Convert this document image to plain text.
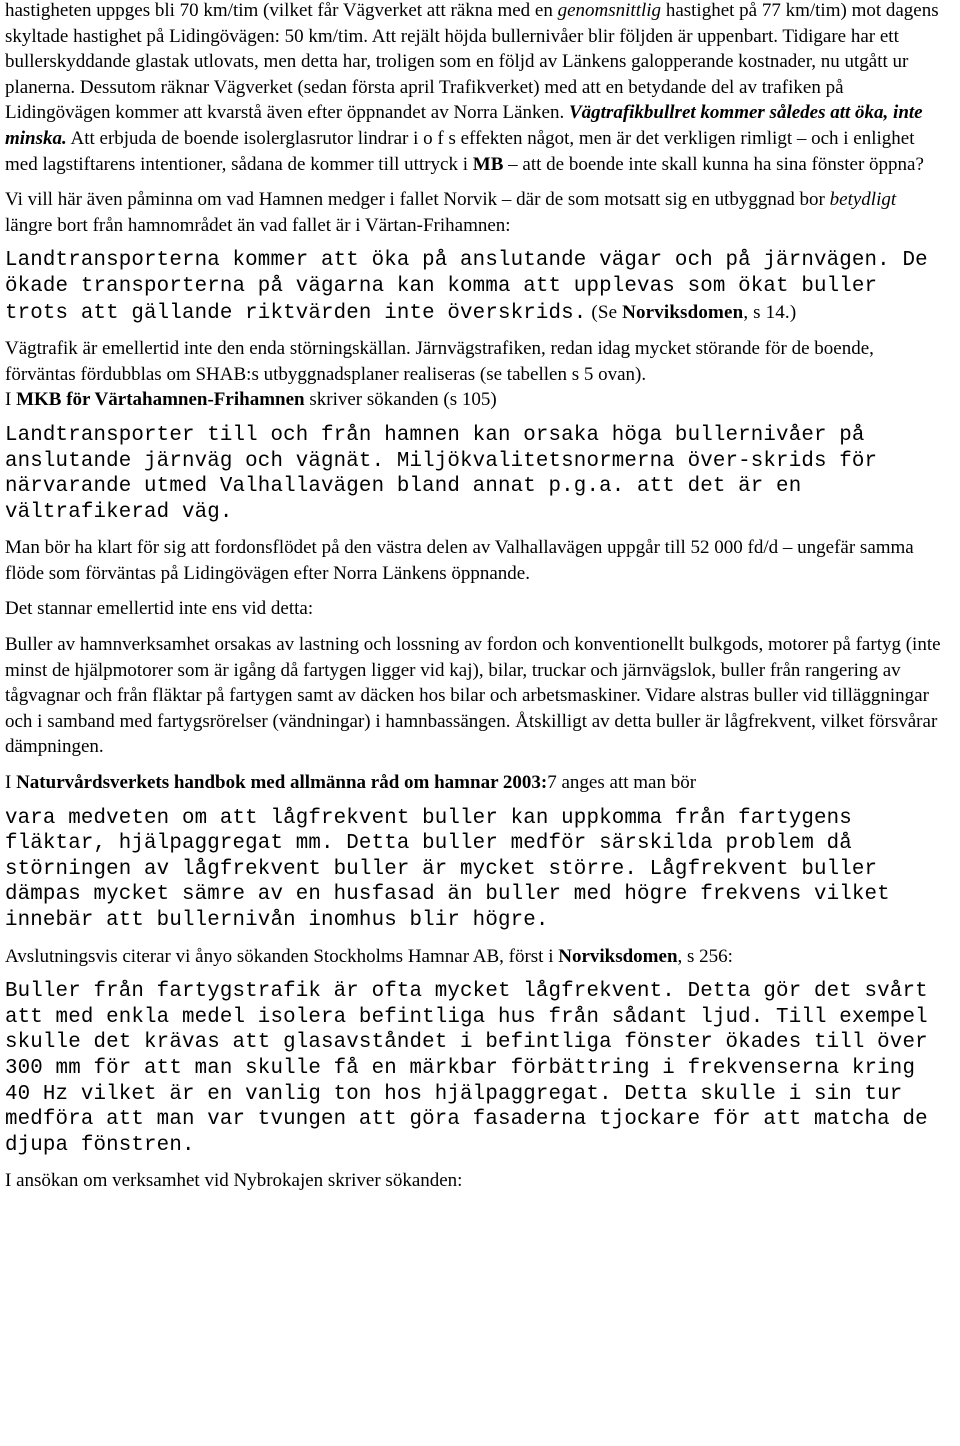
hastigheten uppges bli 70 km/tim (vilket får Vägverket att räkna med en genomsnittlig hastighet på 77 km/tim) mot dagens skyltade hastighet på Lidingövägen: 50 km/tim. Att rejält höjda bullernivåer blir följden är uppenbart. Tidigare har ett bullerskyddande glastak utlovats, men detta har, troligen som en följd av Länkens galopperande kostnader, nu utgått ur planerna. Dessutom räknar Vägverket (sedan första april Trafikverket) med att en betydande del av trafiken på Lidingövägen kommer att kvarstå även efter öppnandet av Norra Länken. Vägtrafikbullret kommer således att öka, inte minska. Att erbjuda de boende isolerglasrutor lindrar i o f s effekten något, men är det verkligen rimligt – och i enlighet med lagstiftarens intentioner, sådana de kommer till uttryck i MB – att de boende inte skall kunna ha sina fönster öppna?

Vi vill här även påminna om vad Hamnen medger i fallet Norvik – där de som motsatt sig en utbyggnad bor betydligt längre bort från hamnområdet än vad fallet är i Värtan-Frihamnen:

Landtransporterna kommer att öka på anslutande vägar och på järnvägen. De ökade transporterna på vägarna kan komma att upplevas som ökat buller trots att gällande riktvärden inte överskrids. (Se Norviksdomen, s 14.)

Vägtrafik är emellertid inte den enda störningskällan. Järnvägstrafiken, redan idag mycket störande för de boende, förväntas fördubblas om SHAB:s utbyggnadsplaner realiseras (se tabellen s 5 ovan).
I MKB för Värtahamnen-Frihamnen skriver sökanden (s 105)

Landtransporter till och från hamnen kan orsaka höga bullernivåer på anslutande järnväg och vägnät. Miljökvalitetsnormerna över-skrids för närvarande utmed Valhallavägen bland annat p.g.a. att det är en vältrafikerad väg.

Man bör ha klart för sig att fordonsflödet på den västra delen av Valhallavägen uppgår till 52 000 fd/d – ungefär samma flöde som förväntas på Lidingövägen efter Norra Länkens öppnande.

Det stannar emellertid inte ens vid detta:

Buller av hamnverksamhet orsakas av lastning och lossning av fordon och konventionellt bulkgods, motorer på fartyg (inte minst de hjälpmotorer som är igång då fartygen ligger vid kaj), bilar, truckar och järnvägslok, buller från rangering av tågvagnar och från fläktar på fartygen samt av däcken hos bilar och arbetsmaskiner. Vidare alstras buller vid tilläggningar och i samband med fartygsrörelser (vändningar) i hamnbassängen. Åtskilligt av detta buller är lågfrekvent, vilket försvårar dämpningen.

I Naturvårdsverkets handbok med allmänna råd om hamnar 2003:7 anges att man bör

vara medveten om att lågfrekvent buller kan uppkomma från fartygens fläktar, hjälpaggregat mm. Detta buller medför särskilda problem då störningen av lågfrekvent buller är mycket större. Lågfrekvent buller dämpas mycket sämre av en husfasad än buller med högre frekvens vilket innebär att bullernivån inomhus blir högre.

Avslutningsvis citerar vi ånyo sökanden Stockholms Hamnar AB, först i Norviksdomen, s 256:

Buller från fartygstrafik är ofta mycket lågfrekvent. Detta gör det svårt att med enkla medel isolera befintliga hus från sådant ljud. Till exempel skulle det krävas att glasavståndet i befintliga fönster ökades till över 300 mm för att man skulle få en märkbar förbättring i frekvenserna kring 40 Hz vilket är en vanlig ton hos hjälpaggregat. Detta skulle i sin tur medföra att man var tvungen att göra fasaderna tjockare för att matcha de djupa fönstren.

I ansökan om verksamhet vid Nybrokajen skriver sökanden:
